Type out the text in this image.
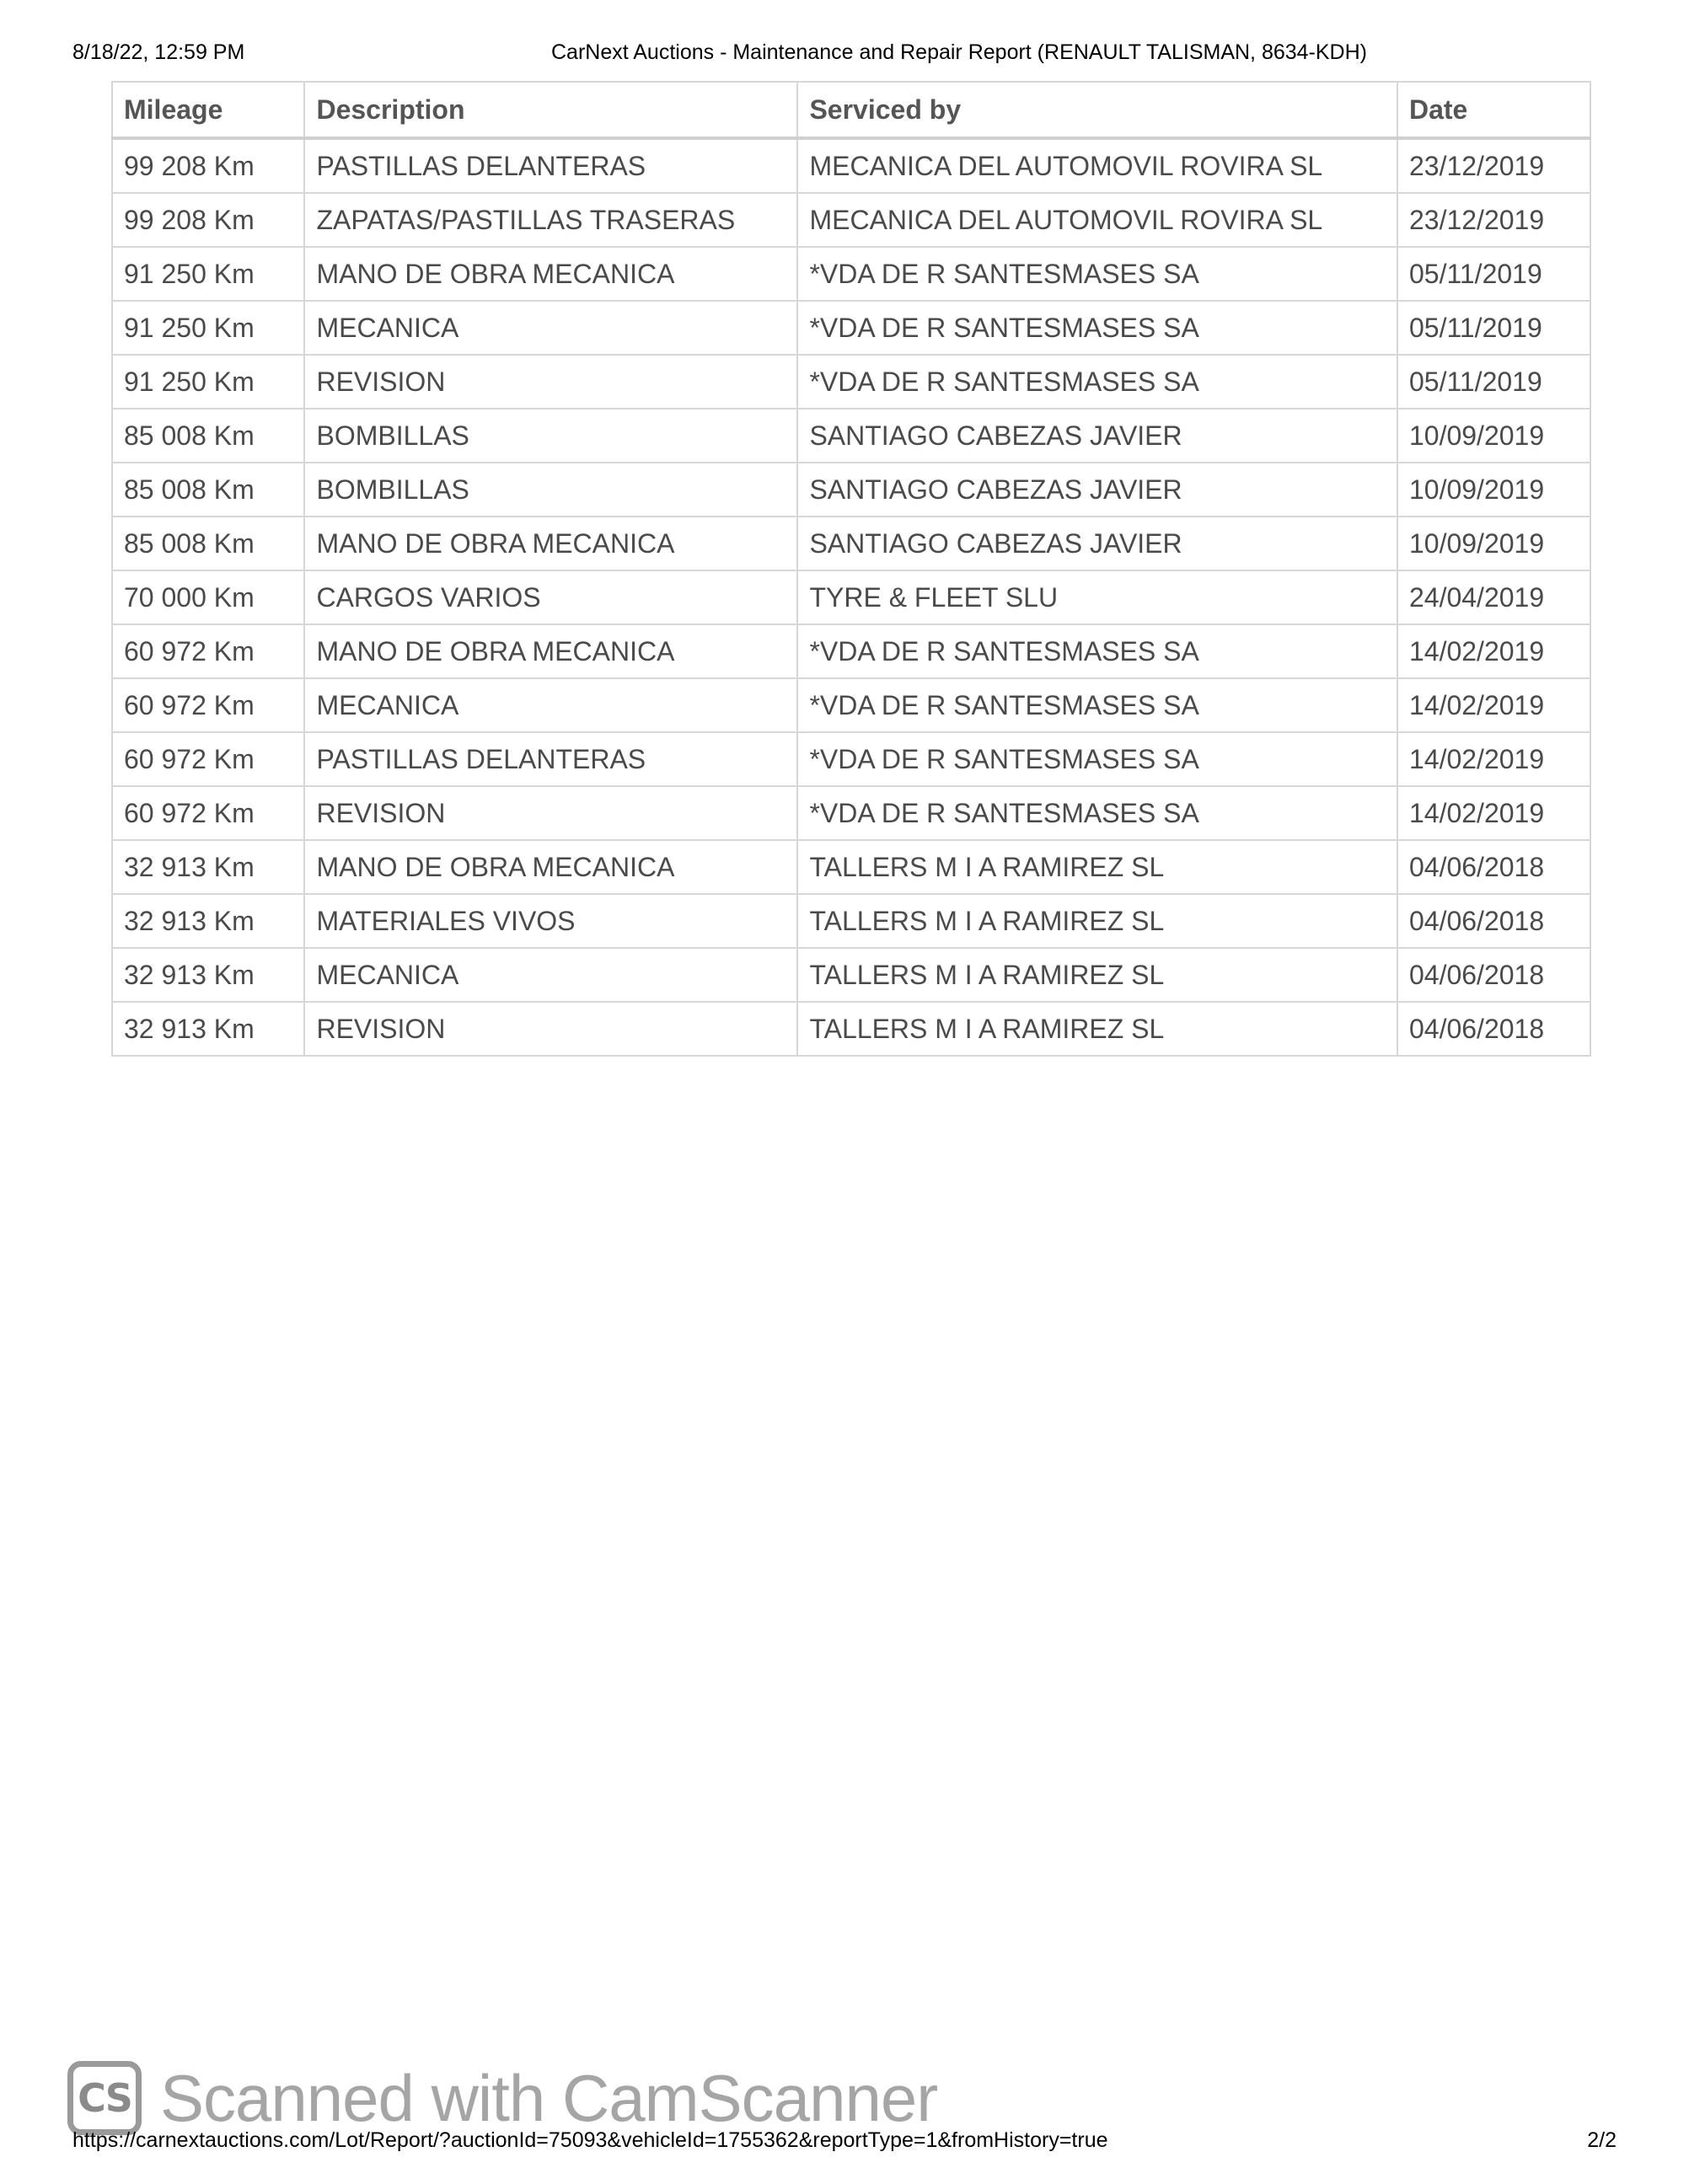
8/18/22, 12:59 PM	CarNext Auctions - Maintenance and Repair Report (RENAULT TALISMAN, 8634-KDH)
Mileage	Description	Serviced by	Date
99 208 Km	PASTILLAS DELANTERAS	MECANICA DEL AUTOMOVIL ROVIRA SL	23/12/2019
99 208 Km	ZAPATAS/PASTILLAS TRASERAS	MECANICA DEL AUTOMOVIL ROVIRA SL	23/12/2019
91 250 Km	MANO DE OBRA MECANICA	*VDA DE R SANTESMASES SA	05/11/2019
91 250 Km	MECANICA	*VDA DE R SANTESMASES SA	05/11/2019
91 250 Km	REVISION	*VDA DE R SANTESMASES SA	05/11/2019
85 008 Km	BOMBILLAS	SANTIAGO CABEZAS JAVIER	10/09/2019
85 008 Km	BOMBILLAS	SANTIAGO CABEZAS JAVIER	10/09/2019
85 008 Km	MANO DE OBRA MECANICA	SANTIAGO CABEZAS JAVIER	10/09/2019
70 000 Km	CARGOS VARIOS	TYRE & FLEET SLU	24/04/2019
60 972 Km	MANO DE OBRA MECANICA	*VDA DE R SANTESMASES SA	14/02/2019
60 972 Km	MECANICA	*VDA DE R SANTESMASES SA	14/02/2019
60 972 Km	PASTILLAS DELANTERAS	*VDA DE R SANTESMASES SA	14/02/2019
60 972 Km	REVISION	*VDA DE R SANTESMASES SA	14/02/2019
32 913 Km	MANO DE OBRA MECANICA	TALLERS M I A RAMIREZ SL	04/06/2018
32 913 Km	MATERIALES VIVOS	TALLERS M I A RAMIREZ SL	04/06/2018
32 913 Km	MECANICA	TALLERS M I A RAMIREZ SL	04/06/2018
32 913 Km	REVISION	TALLERS M I A RAMIREZ SL	04/06/2018
CS Scanned with CamScanner
https://carnextauctions.com/Lot/Report/?auctionId=75093&vehicleId=1755362&reportType=1&fromHistory=true	2/2
